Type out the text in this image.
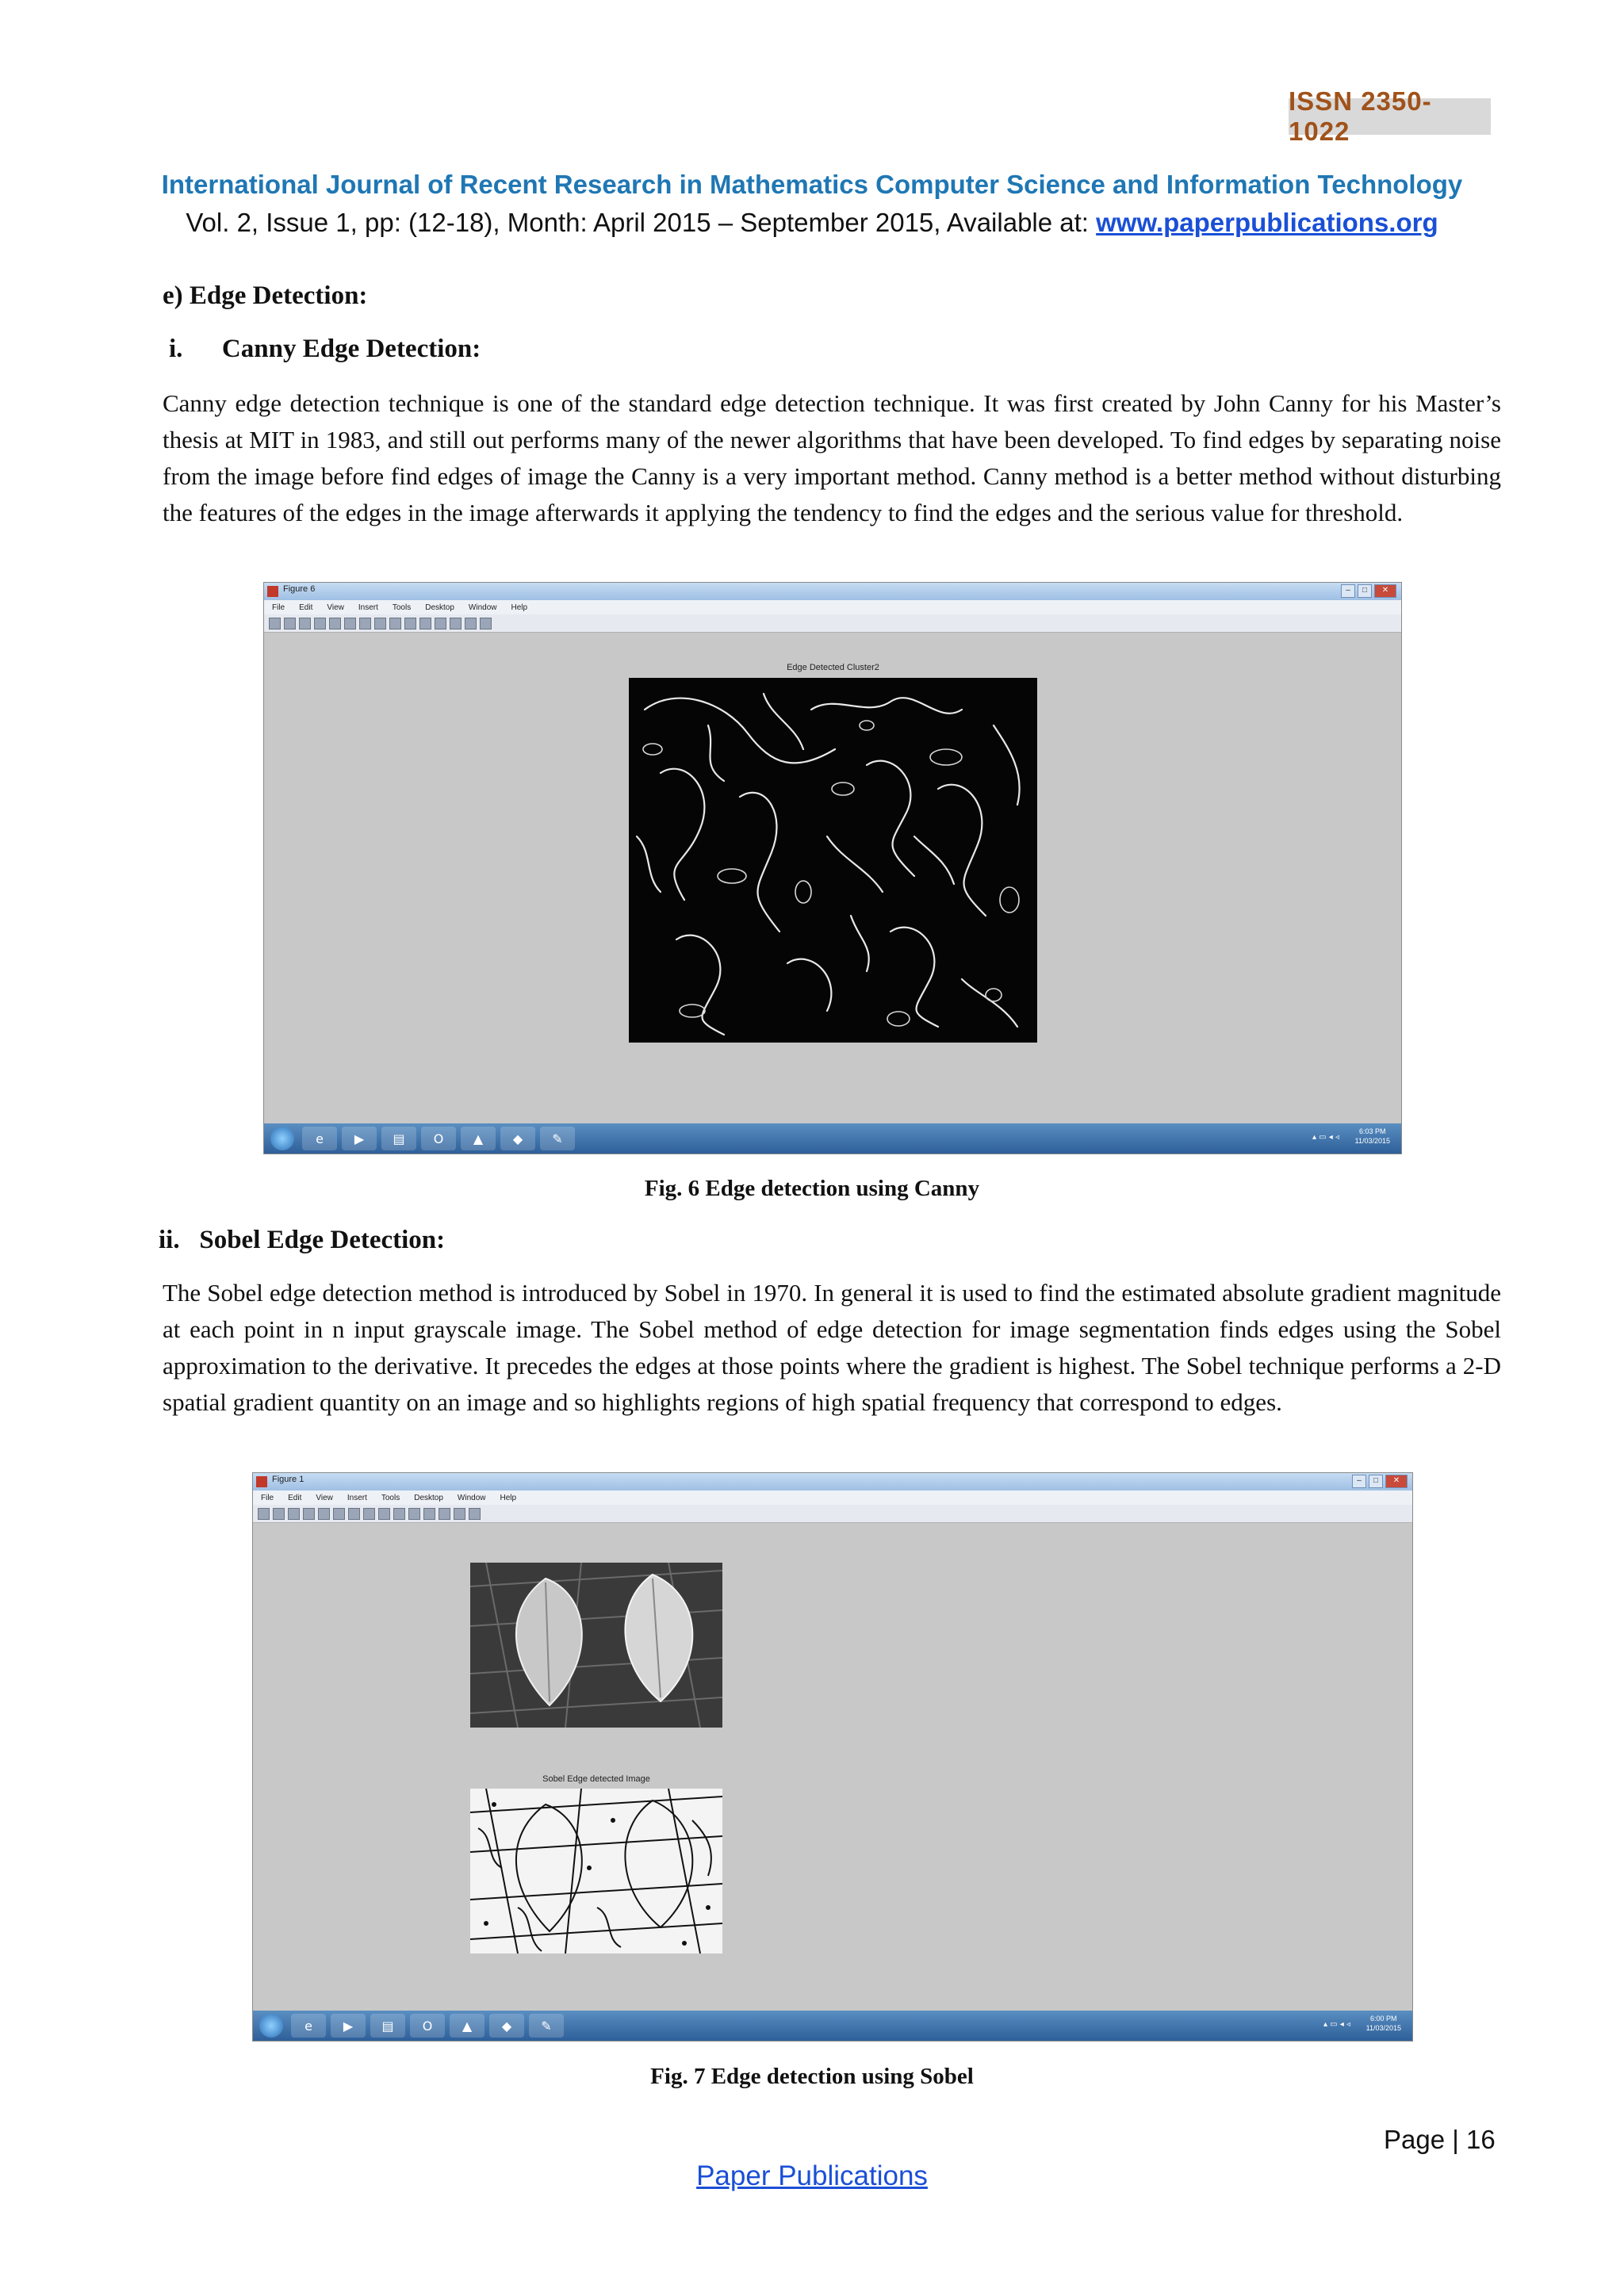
ISSN 2350-1022
International Journal of Recent Research in Mathematics Computer Science and Information Technology
Vol. 2, Issue 1, pp: (12-18), Month: April 2015 – September 2015, Available at: www.paperpublications.org
e) Edge Detection:
i.      Canny Edge Detection:
Canny edge detection technique is one of the standard edge detection technique. It was first created by John Canny for his Master’s thesis at MIT in 1983, and still out performs many of the newer algorithms that have been developed. To find edges by separating noise from the image before find edges of image the Canny is a very important method. Canny method is a better method without disturbing the features of the edges in the image afterwards it applying the tendency to find the edges and the serious value for threshold.
Figure 6	–	□	✕
File Edit View Insert Tools Desktop Window Help
Edge Detected Cluster2
e	▶	▤	O	▲	◆	✎	▴ ▭ ◂ ◃
6:03 PM
11/03/2015
Fig. 6 Edge detection using Canny
ii.   Sobel Edge Detection:
The Sobel edge detection method is introduced by Sobel in 1970. In general it is used to find the estimated absolute gradient magnitude at each point in n input grayscale image. The Sobel method of edge detection for image segmentation finds edges using the Sobel approximation to the derivative. It precedes the edges at those points where the gradient is highest. The Sobel technique performs a 2-D spatial gradient quantity on an image and so highlights regions of high spatial frequency that correspond to edges.
Figure 1	–	□	✕
File Edit View Insert Tools Desktop Window Help
Sobel Edge detected Image
e	▶	▤	O	▲	◆	✎	▴ ▭ ◂ ◃
6:00 PM
11/03/2015
Fig. 7 Edge detection using Sobel
Page | 16
Paper Publications
